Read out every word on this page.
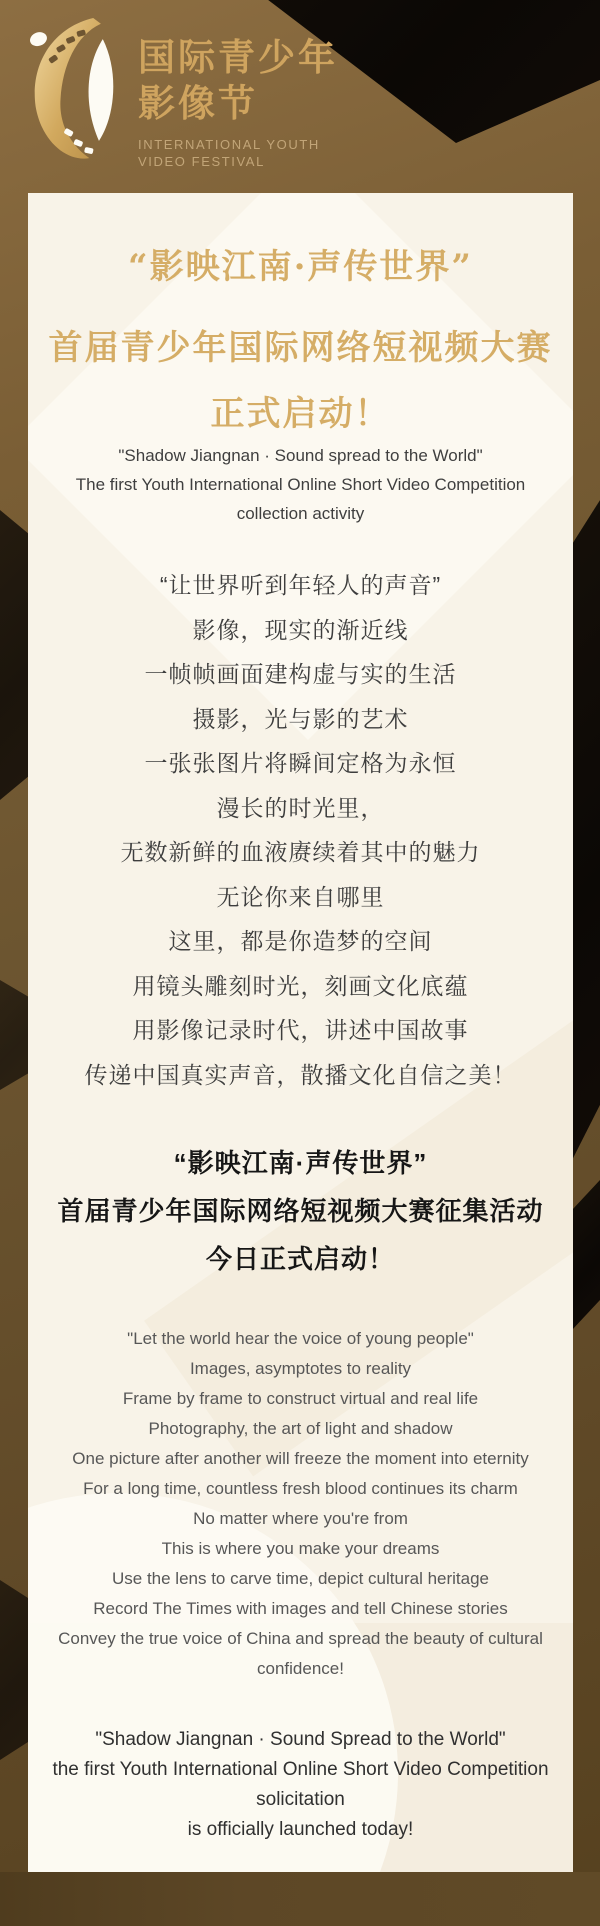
国际青少年
影像节
INTERNATIONAL YOUTH
VIDEO FESTIVAL
“影映江南·声传世界”
首届青少年国际网络短视频大赛
正式启动！
"Shadow Jiangnan · Sound spread to the World"
The first Youth International Online Short Video Competition
collection activity
“让世界听到年轻人的声音”
影像，现实的渐近线
一帧帧画面建构虚与实的生活
摄影，光与影的艺术
一张张图片将瞬间定格为永恒
漫长的时光里，
无数新鲜的血液赓续着其中的魅力
无论你来自哪里
这里，都是你造梦的空间
用镜头雕刻时光，刻画文化底蕴
用影像记录时代，讲述中国故事
传递中国真实声音，散播文化自信之美！
“影映江南·声传世界”
首届青少年国际网络短视频大赛征集活动
今日正式启动！
"Let the world hear the voice of young people"
Images, asymptotes to reality
Frame by frame to construct virtual and real life
Photography, the art of light and shadow
One picture after another will freeze the moment into eternity
For a long time, countless fresh blood continues its charm
No matter where you're from
This is where you make your dreams
Use the lens to carve time, depict cultural heritage
Record The Times with images and tell Chinese stories
Convey the true voice of China and spread the beauty of cultural
confidence!
"Shadow Jiangnan · Sound Spread to the World"
the first Youth International Online Short Video Competition solicitation
is officially launched today!
